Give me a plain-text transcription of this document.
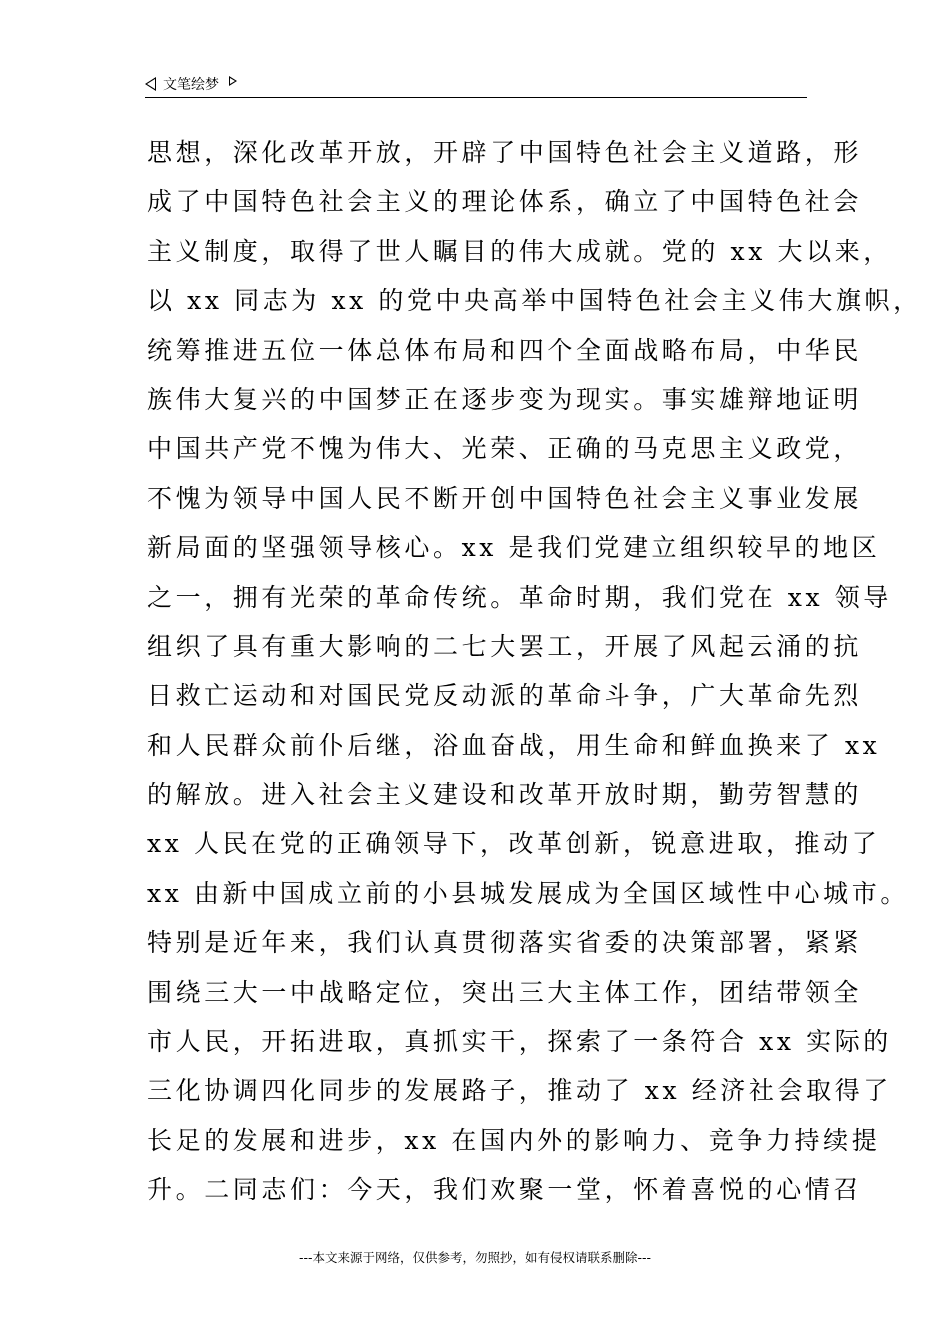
文笔绘梦
思想，深化改革开放，开辟了中国特色社会主义道路，形
成了中国特色社会主义的理论体系，确立了中国特色社会
主义制度，取得了世人瞩目的伟大成就。党的 xx 大以来，
以 xx 同志为 xx 的党中央高举中国特色社会主义伟大旗帜，
统筹推进五位一体总体布局和四个全面战略布局，中华民
族伟大复兴的中国梦正在逐步变为现实。事实雄辩地证明
中国共产党不愧为伟大、光荣、正确的马克思主义政党，
不愧为领导中国人民不断开创中国特色社会主义事业发展
新局面的坚强领导核心。xx 是我们党建立组织较早的地区
之一，拥有光荣的革命传统。革命时期，我们党在 xx 领导
组织了具有重大影响的二七大罢工，开展了风起云涌的抗
日救亡运动和对国民党反动派的革命斗争，广大革命先烈
和人民群众前仆后继，浴血奋战，用生命和鲜血换来了 xx
的解放。进入社会主义建设和改革开放时期，勤劳智慧的
xx 人民在党的正确领导下，改革创新，锐意进取，推动了
xx 由新中国成立前的小县城发展成为全国区域性中心城市。
特别是近年来，我们认真贯彻落实省委的决策部署，紧紧
围绕三大一中战略定位，突出三大主体工作，团结带领全
市人民，开拓进取，真抓实干，探索了一条符合 xx 实际的
三化协调四化同步的发展路子，推动了 xx 经济社会取得了
长足的发展和进步，xx 在国内外的影响力、竞争力持续提
升。二同志们：今天，我们欢聚一堂，怀着喜悦的心情召
---本文来源于网络，仅供参考，勿照抄，如有侵权请联系删除---
